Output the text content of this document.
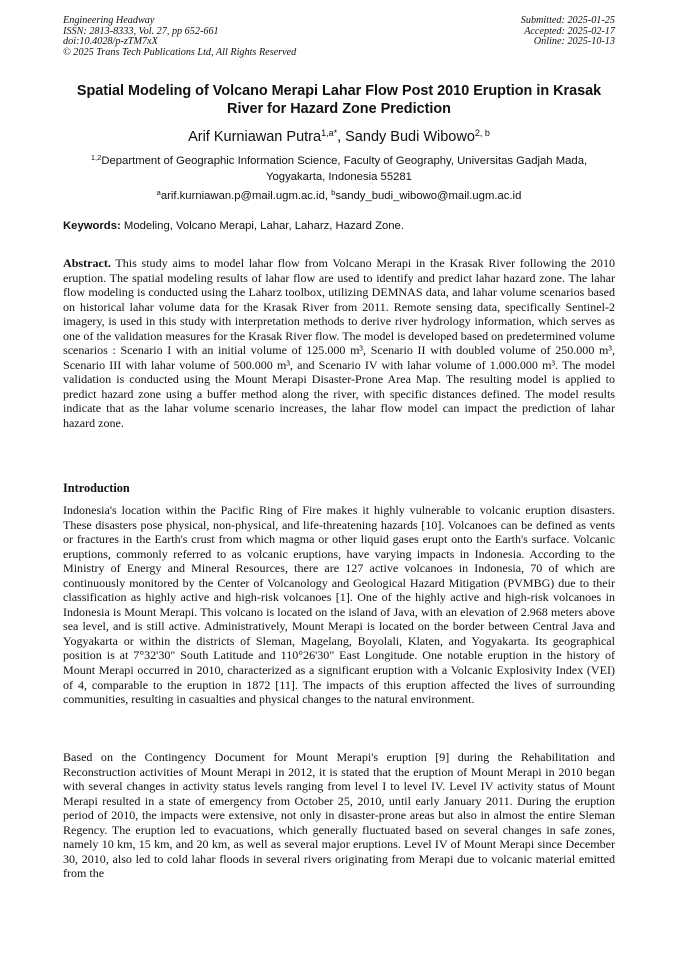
Engineering Headway
ISSN: 2813-8333, Vol. 27, pp 652-661
doi:10.4028/p-zTM7xX
© 2025 Trans Tech Publications Ltd, All Rights Reserved
Submitted: 2025-01-25
Accepted: 2025-02-17
Online: 2025-10-13
Spatial Modeling of Volcano Merapi Lahar Flow Post 2010 Eruption in Krasak River for Hazard Zone Prediction
Arif Kurniawan Putra$^{1,a*}$, Sandy Budi Wibowo$^{2, b}$
$^{1,2}$Department of Geographic Information Science, Faculty of Geography, Universitas Gadjah Mada, Yogyakarta, Indonesia 55281
$^a$arif.kurniawan.p@mail.ugm.ac.id, $^b$sandy_budi_wibowo@mail.ugm.ac.id
Keywords: Modeling, Volcano Merapi, Lahar, Laharz, Hazard Zone.

Abstract. This study aims to model lahar flow from Volcano Merapi in the Krasak River following the 2010 eruption. The spatial modeling results of lahar flow are used to identify and predict lahar hazard zone. The lahar flow modeling is conducted using the Laharz toolbox, utilizing DEMNAS data, and lahar volume scenarios based on historical lahar volume data for the Krasak River from 2011. Remote sensing data, specifically Sentinel-2 imagery, is used in this study with interpretation methods to derive river hydrology information, which serves as one of the validation measures for the Krasak River flow. The model is developed based on predetermined volume scenarios : Scenario I with an initial volume of 125.000 m³, Scenario II with doubled volume of 250.000 m³, Scenario III with lahar volume of 500.000 m³, and Scenario IV with lahar volume of 1.000.000 m³. The model validation is conducted using the Mount Merapi Disaster-Prone Area Map. The resulting model is applied to predict hazard zone using a buffer method along the river, with specific distances defined. The model results indicate that as the lahar volume scenario increases, the lahar flow model can impact the prediction of lahar hazard zone.

Introduction

Indonesia's location within the Pacific Ring of Fire makes it highly vulnerable to volcanic eruption disasters. These disasters pose physical, non-physical, and life-threatening hazards [10]. Volcanoes can be defined as vents or fractures in the Earth's crust from which magma or other liquid gases erupt onto the Earth's surface. Volcanic eruptions, commonly referred to as volcanic eruptions, have varying impacts in Indonesia. According to the Ministry of Energy and Mineral Resources, there are 127 active volcanoes in Indonesia, 70 of which are continuously monitored by the Center of Volcanology and Geological Hazard Mitigation (PVMBG) due to their classification as highly active and high-risk volcanoes [1]. One of the highly active and high-risk volcanoes in Indonesia is Mount Merapi. This volcano is located on the island of Java, with an elevation of 2.968 meters above sea level, and is still active. Administratively, Mount Merapi is located on the border between Central Java and Yogyakarta or within the districts of Sleman, Magelang, Boyolali, Klaten, and Yogyakarta. Its geographical position is at 7°32'30" South Latitude and 110°26'30" East Longitude. One notable eruption in the history of Mount Merapi occurred in 2010, characterized as a significant eruption with a Volcanic Explosivity Index (VEI) of 4, comparable to the eruption in 1872 [11]. The impacts of this eruption affected the lives of surrounding communities, resulting in casualties and physical changes to the natural environment.

Based on the Contingency Document for Mount Merapi's eruption [9] during the Rehabilitation and Reconstruction activities of Mount Merapi in 2012, it is stated that the eruption of Mount Merapi in 2010 began with several changes in activity status levels ranging from level I to level IV. Level IV activity status of Mount Merapi resulted in a state of emergency from October 25, 2010, until early January 2011. During the eruption period of 2010, the impacts were extensive, not only in disaster-prone areas but also in almost the entire Sleman Regency. The eruption led to evacuations, which generally fluctuated based on several changes in safe zones, namely 10 km, 15 km, and 20 km, as well as several major eruptions. Level IV of Mount Merapi since December 30, 2010, also led to cold lahar floods in several rivers originating from Merapi due to volcanic material emitted from the
